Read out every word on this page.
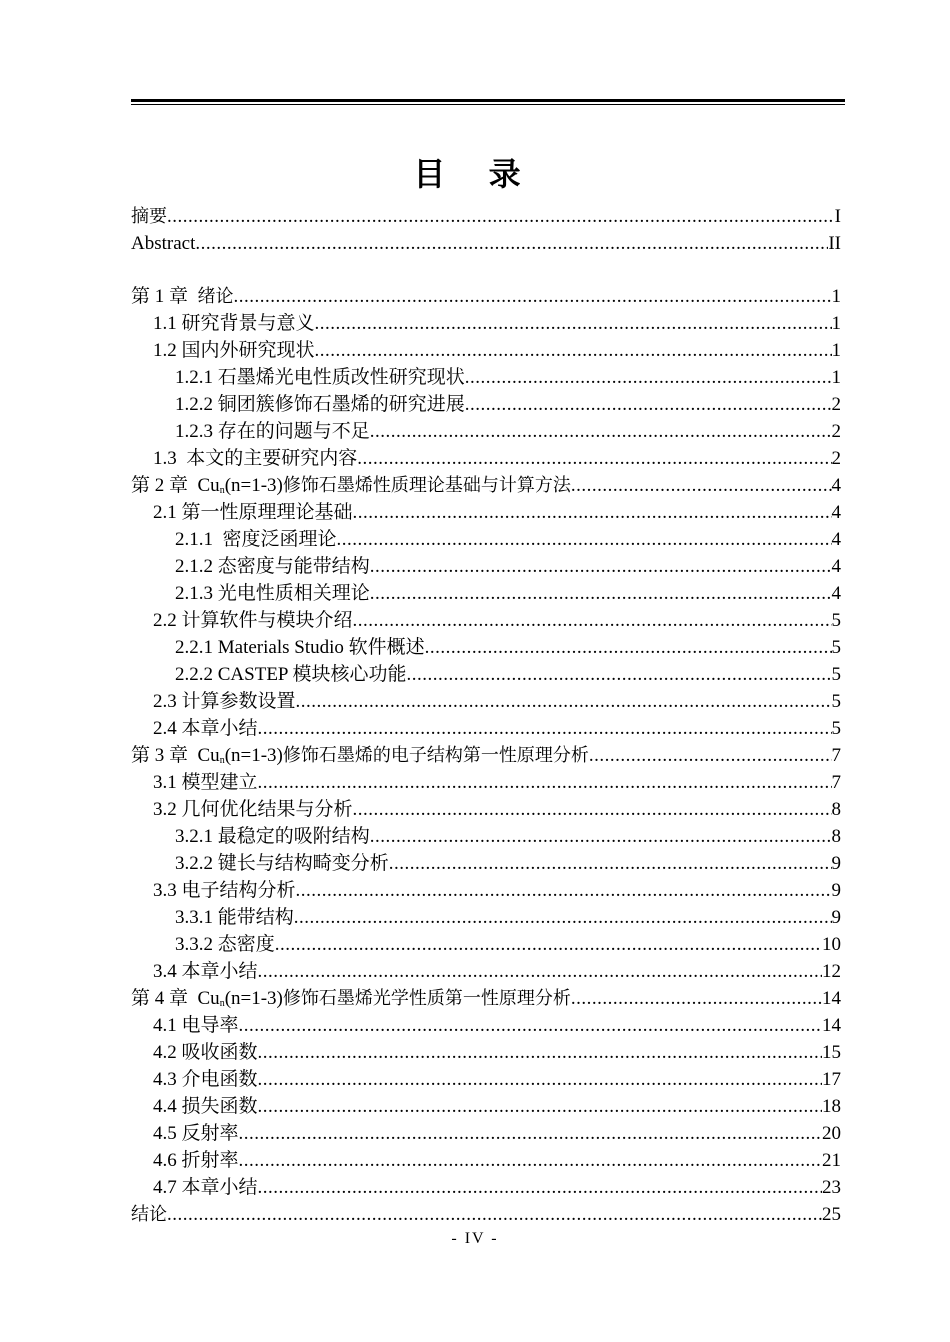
目 录
摘要 .....	I
Abstract .....	II
第 1 章  绪论 .....	1
1.1 研究背景与意义 .....	1
1.2 国内外研究现状 .....	1
1.2.1 石墨烯光电性质改性研究现状 .....	1
1.2.2 铜团簇修饰石墨烯的研究进展 .....	2
1.2.3 存在的问题与不足 .....	2
1.3  本文的主要研究内容 .....	2
第 2 章  $Cu_n(n=1-3)$修饰石墨烯性质理论基础与计算方法 .....	4
2.1 第一性原理理论基础 .....	4
2.1.1  密度泛函理论 .....	4
2.1.2 态密度与能带结构 .....	4
2.1.3 光电性质相关理论 .....	4
2.2 计算软件与模块介绍 .....	5
2.2.1 Materials Studio 软件概述 .....	5
2.2.2 CASTEP 模块核心功能 .....	5
2.3 计算参数设置 .....	5
2.4 本章小结 .....	5
第 3 章  $Cu_n(n=1-3)$修饰石墨烯的电子结构第一性原理分析 .....	7
3.1 模型建立 .....	7
3.2 几何优化结果与分析 .....	8
3.2.1 最稳定的吸附结构 .....	8
3.2.2 键长与结构畸变分析 .....	9
3.3 电子结构分析 .....	9
3.3.1 能带结构 .....	9
3.3.2 态密度 .....	10
3.4 本章小结 .....	12
第 4 章  $Cu_n(n=1-3)$修饰石墨烯光学性质第一性原理分析 .....	14
4.1 电导率 .....	14
4.2 吸收函数 .....	15
4.3 介电函数 .....	17
4.4 损失函数 .....	18
4.5 反射率 .....	20
4.6 折射率 .....	21
4.7 本章小结 .....	23
结论 .....	25
- IV -
